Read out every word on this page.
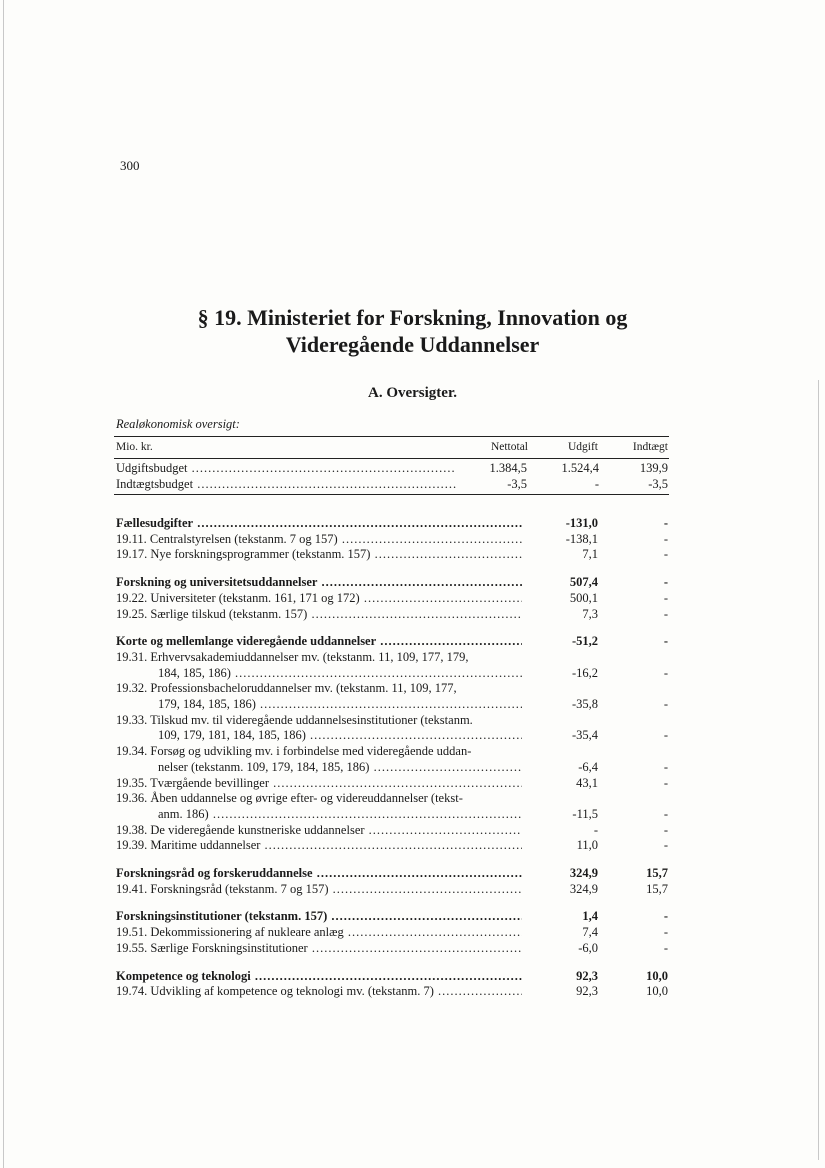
300
§ 19. Ministeriet for Forskning, Innovation og
Videregående Uddannelser
A. Oversigter.
Realøkonomisk oversigt:
Mio. kr.	Nettotal	Udgift	Indtægt
Udgiftsbudget .....	1.384,5	1.524,4	139,9
Indtægtsbudget .....	-3,5	-	-3,5
Fællesudgifter .....	-131,0	-
19.11. Centralstyrelsen (tekstanm. 7 og 157) .....	-138,1	-
19.17. Nye forskningsprogrammer (tekstanm. 157) .....	7,1	-
Forskning og universitetsuddannelser .....	507,4	-
19.22. Universiteter (tekstanm. 161, 171 og 172) .....	500,1	-
19.25. Særlige tilskud (tekstanm. 157) .....	7,3	-
Korte og mellemlange videregående uddannelser .....	-51,2	-
19.31. Erhvervsakademiuddannelser mv. (tekstanm. 11, 109, 177, 179,
184, 185, 186) .....	-16,2	-
19.32. Professionsbacheloruddannelser mv. (tekstanm. 11, 109, 177,
179, 184, 185, 186) .....	-35,8	-
19.33. Tilskud mv. til videregående uddannelsesinstitutioner (tekstanm.
109, 179, 181, 184, 185, 186) .....	-35,4	-
19.34. Forsøg og udvikling mv. i forbindelse med videregående uddan-
nelser (tekstanm. 109, 179, 184, 185, 186) .....	-6,4	-
19.35. Tværgående bevillinger .....	43,1	-
19.36. Åben uddannelse og øvrige efter- og videreuddannelser (tekst-
anm. 186) .....	-11,5	-
19.38. De videregående kunstneriske uddannelser .....	-	-
19.39. Maritime uddannelser .....	11,0	-
Forskningsråd og forskeruddannelse .....	324,9	15,7
19.41. Forskningsråd (tekstanm. 7 og 157) .....	324,9	15,7
Forskningsinstitutioner (tekstanm. 157) .....	1,4	-
19.51. Dekommissionering af nukleare anlæg .....	7,4	-
19.55. Særlige Forskningsinstitutioner .....	-6,0	-
Kompetence og teknologi .....	92,3	10,0
19.74. Udvikling af kompetence og teknologi mv. (tekstanm. 7) .....	92,3	10,0
